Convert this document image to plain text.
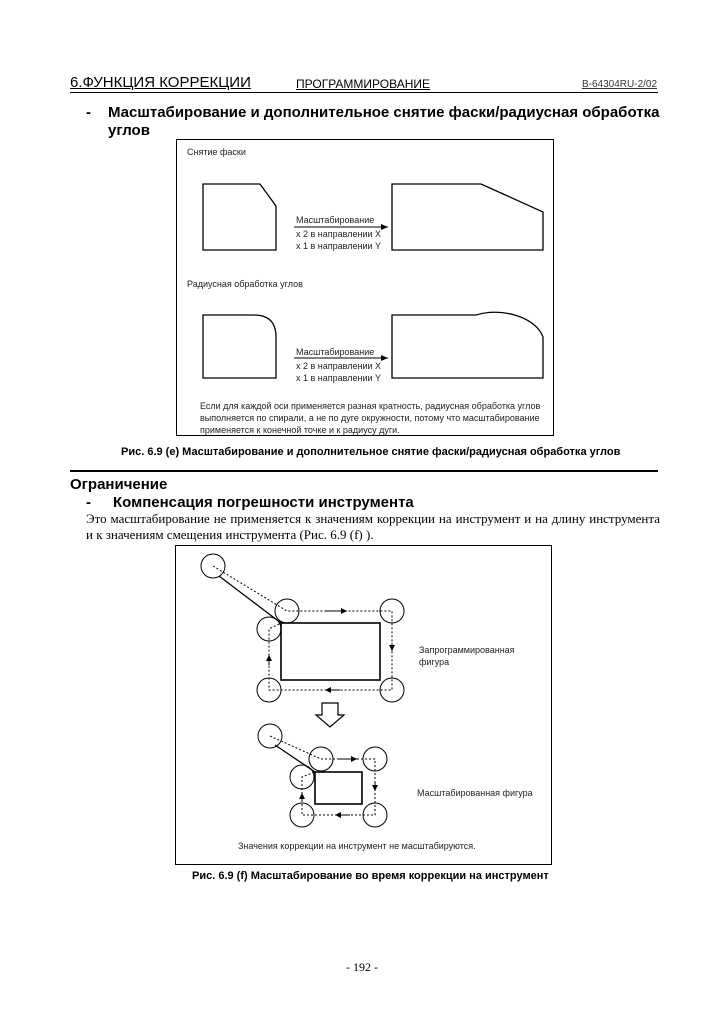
6.ФУНКЦИЯ КОРРЕКЦИИ	ПРОГРАММИРОВАНИЕ	B-64304RU-2/02
- Масштабирование и дополнительное снятие фаски/радиусная обработка углов
Снятие фаски
Масштабирование
x 2 в направлении X
x 1 в направлении Y
Радиусная обработка углов
Масштабирование
x 2 в направлении X
x 1 в направлении Y
Если для каждой оси применяется разная кратность, радиусная обработка углов
выполняется по спирали, а не по дуге окружности, потому что масштабирование
применяется к конечной точке и к радиусу дуги.
Рис. 6.9 (e) Масштабирование и дополнительное снятие фаски/радиусная обработка углов
Ограничение
- Компенсация погрешности инструмента
Это масштабирование не применяется к значениям коррекции на инструмент и на длину инструмента и к значениям смещения инструмента (Рис. 6.9 (f) ).
Запрограммированная
фигура
Масштабированная фигура
Значения коррекции на инструмент не масштабируются.
Рис. 6.9 (f) Масштабирование во время коррекции на инструмент
- 192 -
